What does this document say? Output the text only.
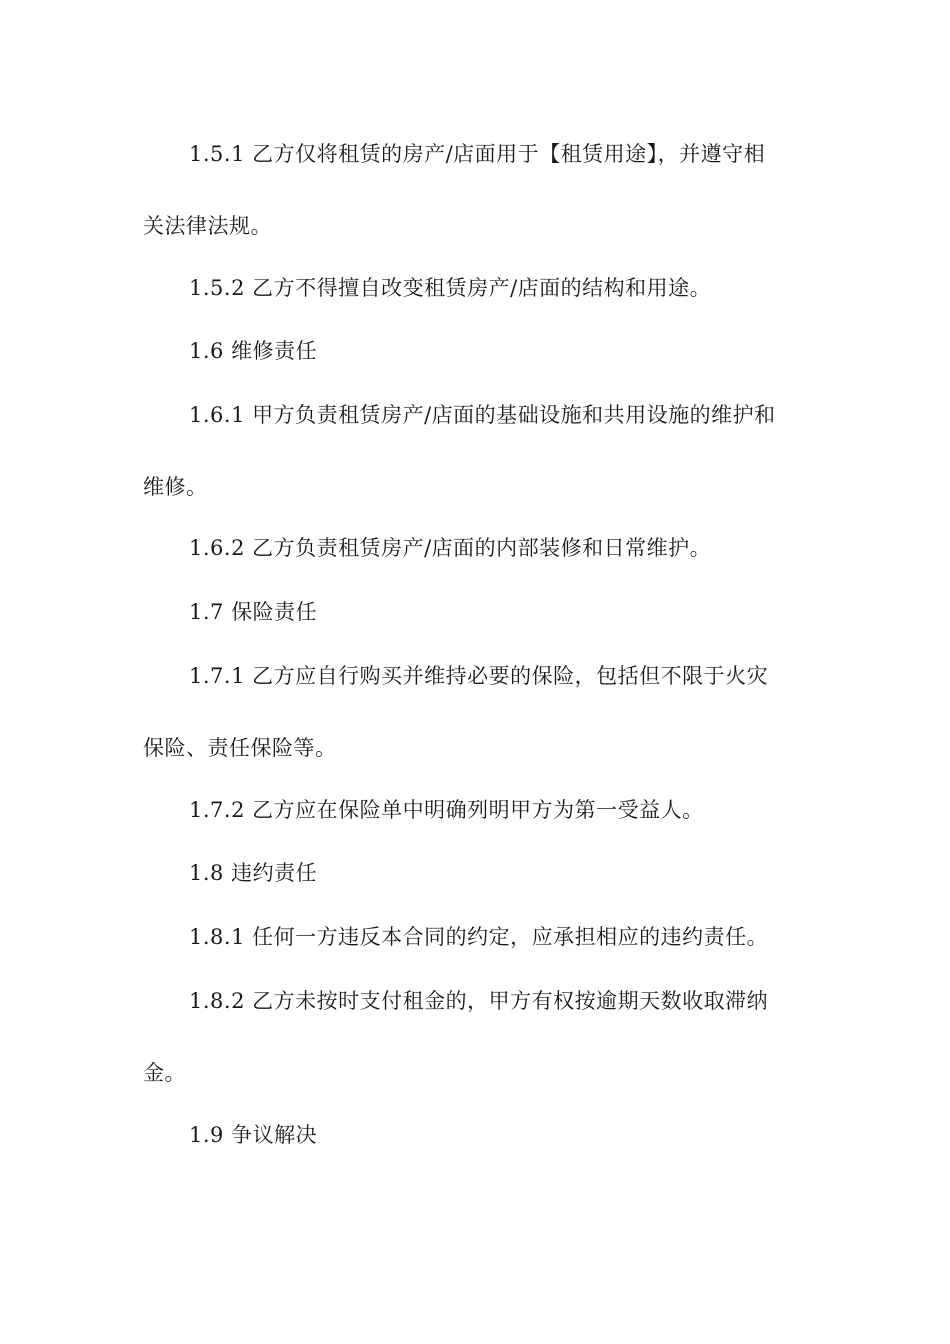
1.5.1 乙方仅将租赁的房产/店面用于【租赁用途】，并遵守相
关法律法规。
1.5.2 乙方不得擅自改变租赁房产/店面的结构和用途。
1.6 维修责任
1.6.1 甲方负责租赁房产/店面的基础设施和共用设施的维护和
维修。
1.6.2 乙方负责租赁房产/店面的内部装修和日常维护。
1.7 保险责任
1.7.1 乙方应自行购买并维持必要的保险，包括但不限于火灾
保险、责任保险等。
1.7.2 乙方应在保险单中明确列明甲方为第一受益人。
1.8 违约责任
1.8.1 任何一方违反本合同的约定，应承担相应的违约责任。
1.8.2 乙方未按时支付租金的，甲方有权按逾期天数收取滞纳
金。
1.9 争议解决
